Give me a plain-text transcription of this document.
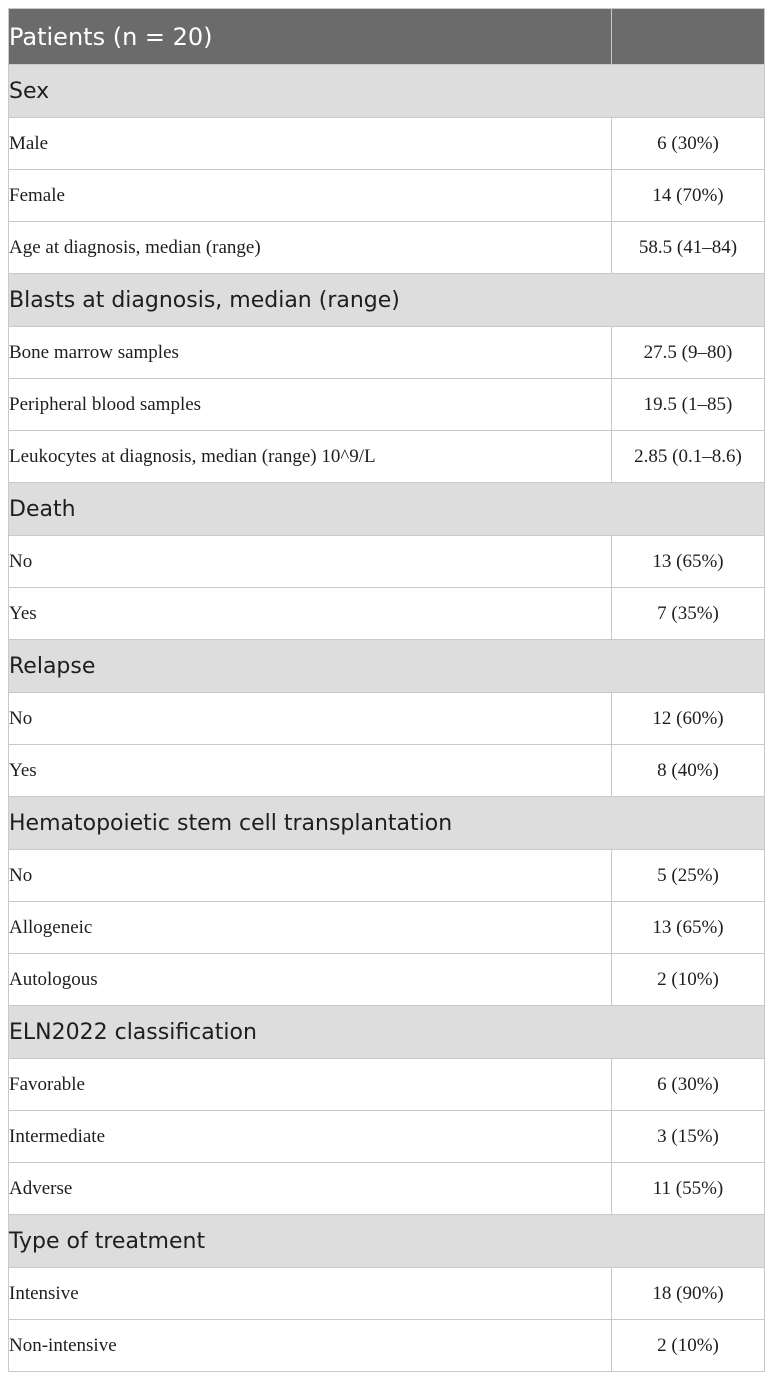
Patients (n = 20)	
Sex	
Male	6 (30%)
Female	14 (70%)
Age at diagnosis, median (range)	58.5 (41–84)
Blasts at diagnosis, median (range)	
Bone marrow samples	27.5 (9–80)
Peripheral blood samples	19.5 (1–85)
Leukocytes at diagnosis, median (range) 10^9/L	2.85 (0.1–8.6)
Death	
No	13 (65%)
Yes	7 (35%)
Relapse	
No	12 (60%)
Yes	8 (40%)
Hematopoietic stem cell transplantation	
No	5 (25%)
Allogeneic	13 (65%)
Autologous	2 (10%)
ELN2022 classification	
Favorable	6 (30%)
Intermediate	3 (15%)
Adverse	11 (55%)
Type of treatment	
Intensive	18 (90%)
Non-intensive	2 (10%)
